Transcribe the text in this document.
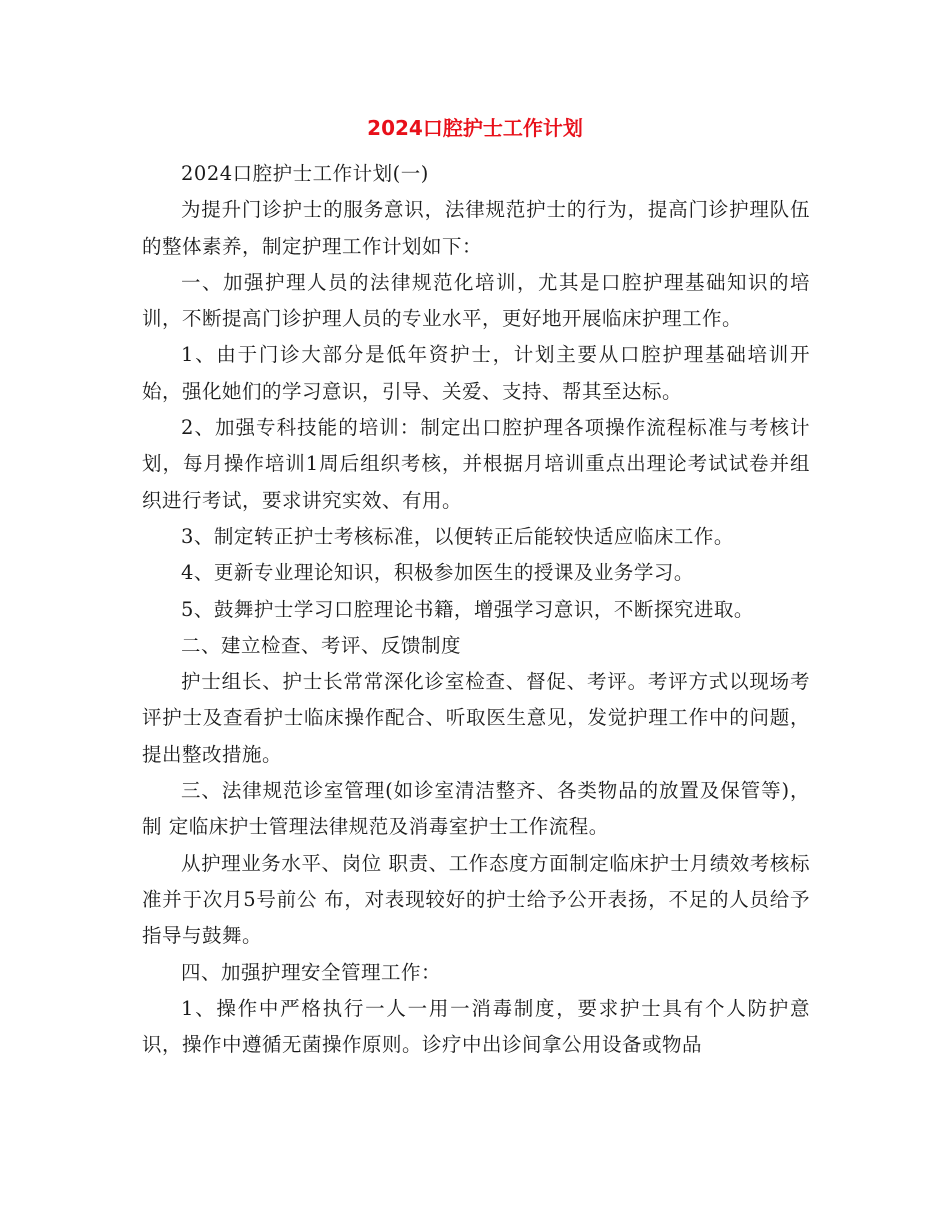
2024口腔护士工作计划

2024口腔护士工作计划(一)

为提升门诊护士的服务意识，法律规范护士的行为，提高门诊护理队伍的整体素养，制定护理工作计划如下：

一、加强护理人员的法律规范化培训，尤其是口腔护理基础知识的培训，不断提高门诊护理人员的专业水平，更好地开展临床护理工作。

1、由于门诊大部分是低年资护士，计划主要从口腔护理基础培训开始，强化她们的学习意识，引导、关爱、支持、帮其至达标。

2、加强专科技能的培训：制定出口腔护理各项操作流程标准与考核计划，每月操作培训1周后组织考核，并根据月培训重点出理论考试试卷并组织进行考试，要求讲究实效、有用。

3、制定转正护士考核标准，以便转正后能较快适应临床工作。

4、更新专业理论知识，积极参加医生的授课及业务学习。

5、鼓舞护士学习口腔理论书籍，增强学习意识，不断探究进取。

二、建立检查、考评、反馈制度

护士组长、护士长常常深化诊室检查、督促、考评。考评方式以现场考评护士及查看护士临床操作配合、听取医生意见，发觉护理工作中的问题，提出整改措施。

三、法律规范诊室管理(如诊室清洁整齐、各类物品的放置及保管等)，制 定临床护士管理法律规范及消毒室护士工作流程。

从护理业务水平、岗位 职责、工作态度方面制定临床护士月绩效考核标准并于次月5号前公 布，对表现较好的护士给予公开表扬，不足的人员给予指导与鼓舞。

四、加强护理安全管理工作：

1、操作中严格执行一人一用一消毒制度，要求护士具有个人防护意 识，操作中遵循无菌操作原则。诊疗中出诊间拿公用设备或物品
